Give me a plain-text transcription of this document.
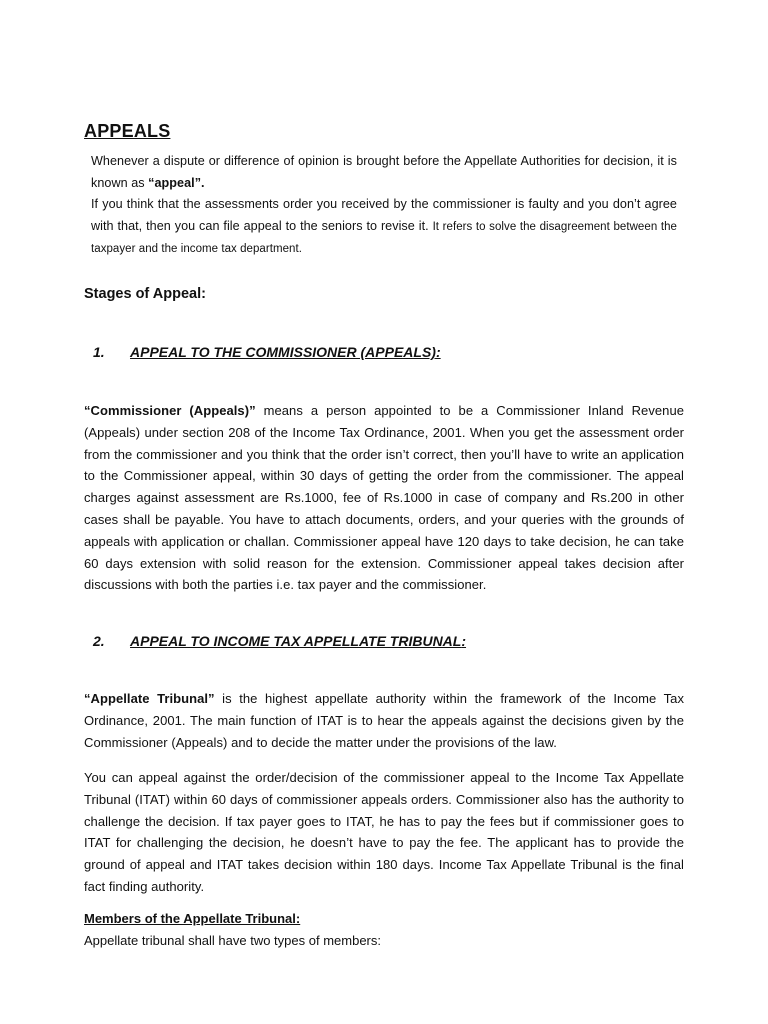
APPEALS
Whenever a dispute or difference of opinion is brought before the Appellate Authorities for decision, it is known as “appeal”.
If you think that the assessments order you received by the commissioner is faulty and you don’t agree with that, then you can file appeal to the seniors to revise it. It refers to solve the disagreement between the taxpayer and the income tax department.
Stages of Appeal:
1. APPEAL TO THE COMMISSIONER (APPEALS):
“Commissioner (Appeals)” means a person appointed to be a Commissioner Inland Revenue (Appeals) under section 208 of the Income Tax Ordinance, 2001. When you get the assessment order from the commissioner and you think that the order isn’t correct, then you’ll have to write an application to the Commissioner appeal, within 30 days of getting the order from the commissioner. The appeal charges against assessment are Rs.1000, fee of Rs.1000 in case of company and Rs.200 in other cases shall be payable. You have to attach documents, orders, and your queries with the grounds of appeals with application or challan. Commissioner appeal have 120 days to take decision, he can take 60 days extension with solid reason for the extension. Commissioner appeal takes decision after discussions with both the parties i.e. tax payer and the commissioner.
2. APPEAL TO INCOME TAX APPELLATE TRIBUNAL:
“Appellate Tribunal” is the highest appellate authority within the framework of the Income Tax Ordinance, 2001. The main function of ITAT is to hear the appeals against the decisions given by the Commissioner (Appeals) and to decide the matter under the provisions of the law.
You can appeal against the order/decision of the commissioner appeal to the Income Tax Appellate Tribunal (ITAT) within 60 days of commissioner appeals orders. Commissioner also has the authority to challenge the decision. If tax payer goes to ITAT, he has to pay the fees but if commissioner goes to ITAT for challenging the decision, he doesn’t have to pay the fee. The applicant has to provide the ground of appeal and ITAT takes decision within 180 days. Income Tax Appellate Tribunal is the final fact finding authority.
Members of the Appellate Tribunal:
Appellate tribunal shall have two types of members:
